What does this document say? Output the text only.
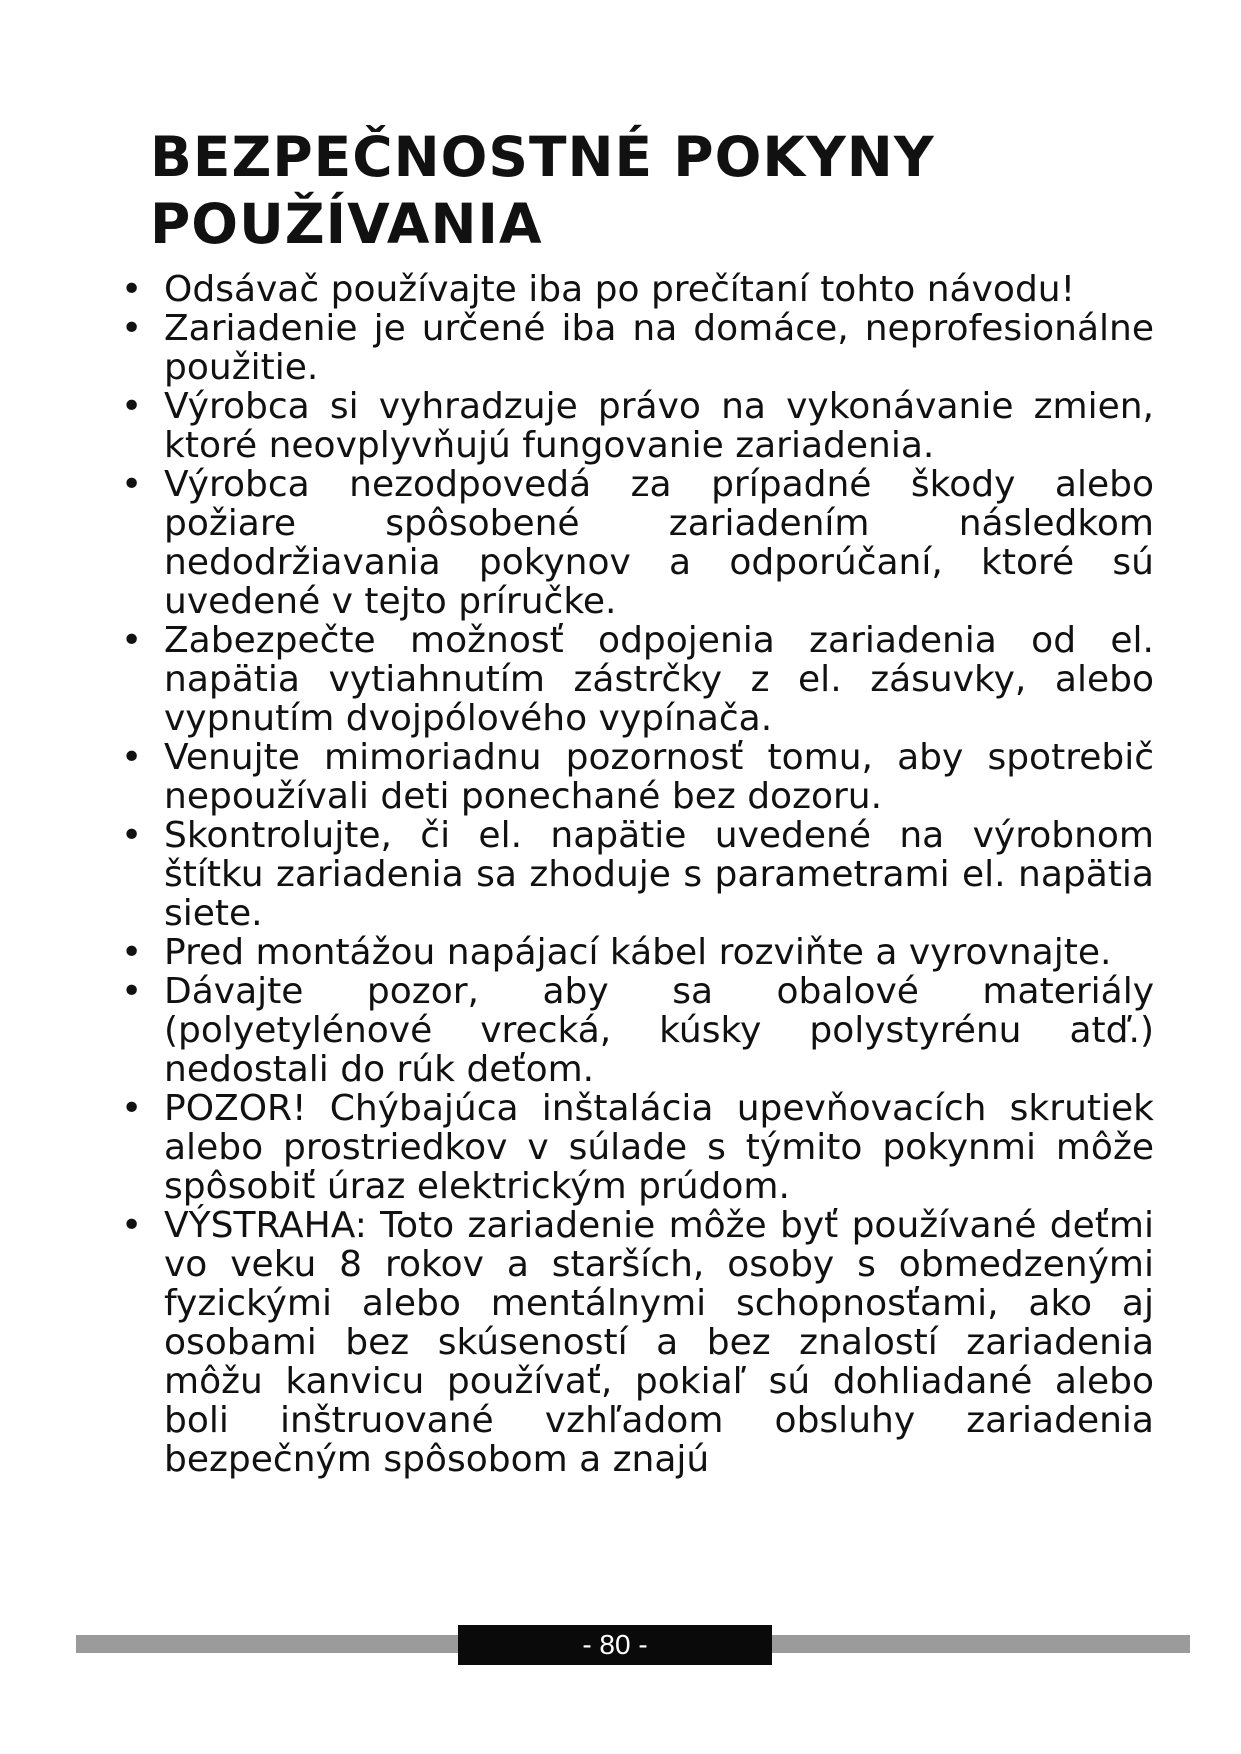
BEZPEČNOSTNÉ POKYNY
POUŽÍVANIA
• Odsávač používajte iba po prečítaní tohto návodu!
• Zariadenie je určené iba na domáce, neprofesionálne použitie.
• Výrobca si vyhradzuje právo na vykonávanie zmien, ktoré neovplyvňujú fungovanie zariadenia.
• Výrobca nezodpovedá za prípadné škody alebo požiare spôsobené zariadením následkom nedodržiavania pokynov a odporúčaní, ktoré sú uvedené v tejto príručke.
• Zabezpečte možnosť odpojenia zariadenia od el. napätia vytiahnutím zástrčky z el. zásuvky, alebo vypnutím dvojpólového vypínača.
• Venujte mimoriadnu pozornosť tomu, aby spotrebič nepoužívali deti ponechané bez dozoru.
• Skontrolujte, či el. napätie uvedené na výrobnom štítku zariadenia sa zhoduje s parametrami el. napätia siete.
• Pred montážou napájací kábel rozviňte a vyrovnajte.
• Dávajte pozor, aby sa obalové materiály (polyetylénové vrecká, kúsky polystyrénu atď.) nedostali do rúk deťom.
• POZOR! Chýbajúca inštalácia upevňovacích skrutiek alebo prostriedkov v súlade s týmito pokynmi môže spôsobiť úraz elektrickým prúdom.
• VÝSTRAHA: Toto zariadenie môže byť používané deťmi vo veku 8 rokov a starších, osoby s obmedzenými fyzickými alebo mentálnymi schopnosťami, ako aj osobami bez skúseností a bez znalostí zariadenia môžu kanvicu používať, pokiaľ sú dohliadané alebo boli inštruované vzhľadom obsluhy zariadenia bezpečným spôsobom a znajú
- 80 -
